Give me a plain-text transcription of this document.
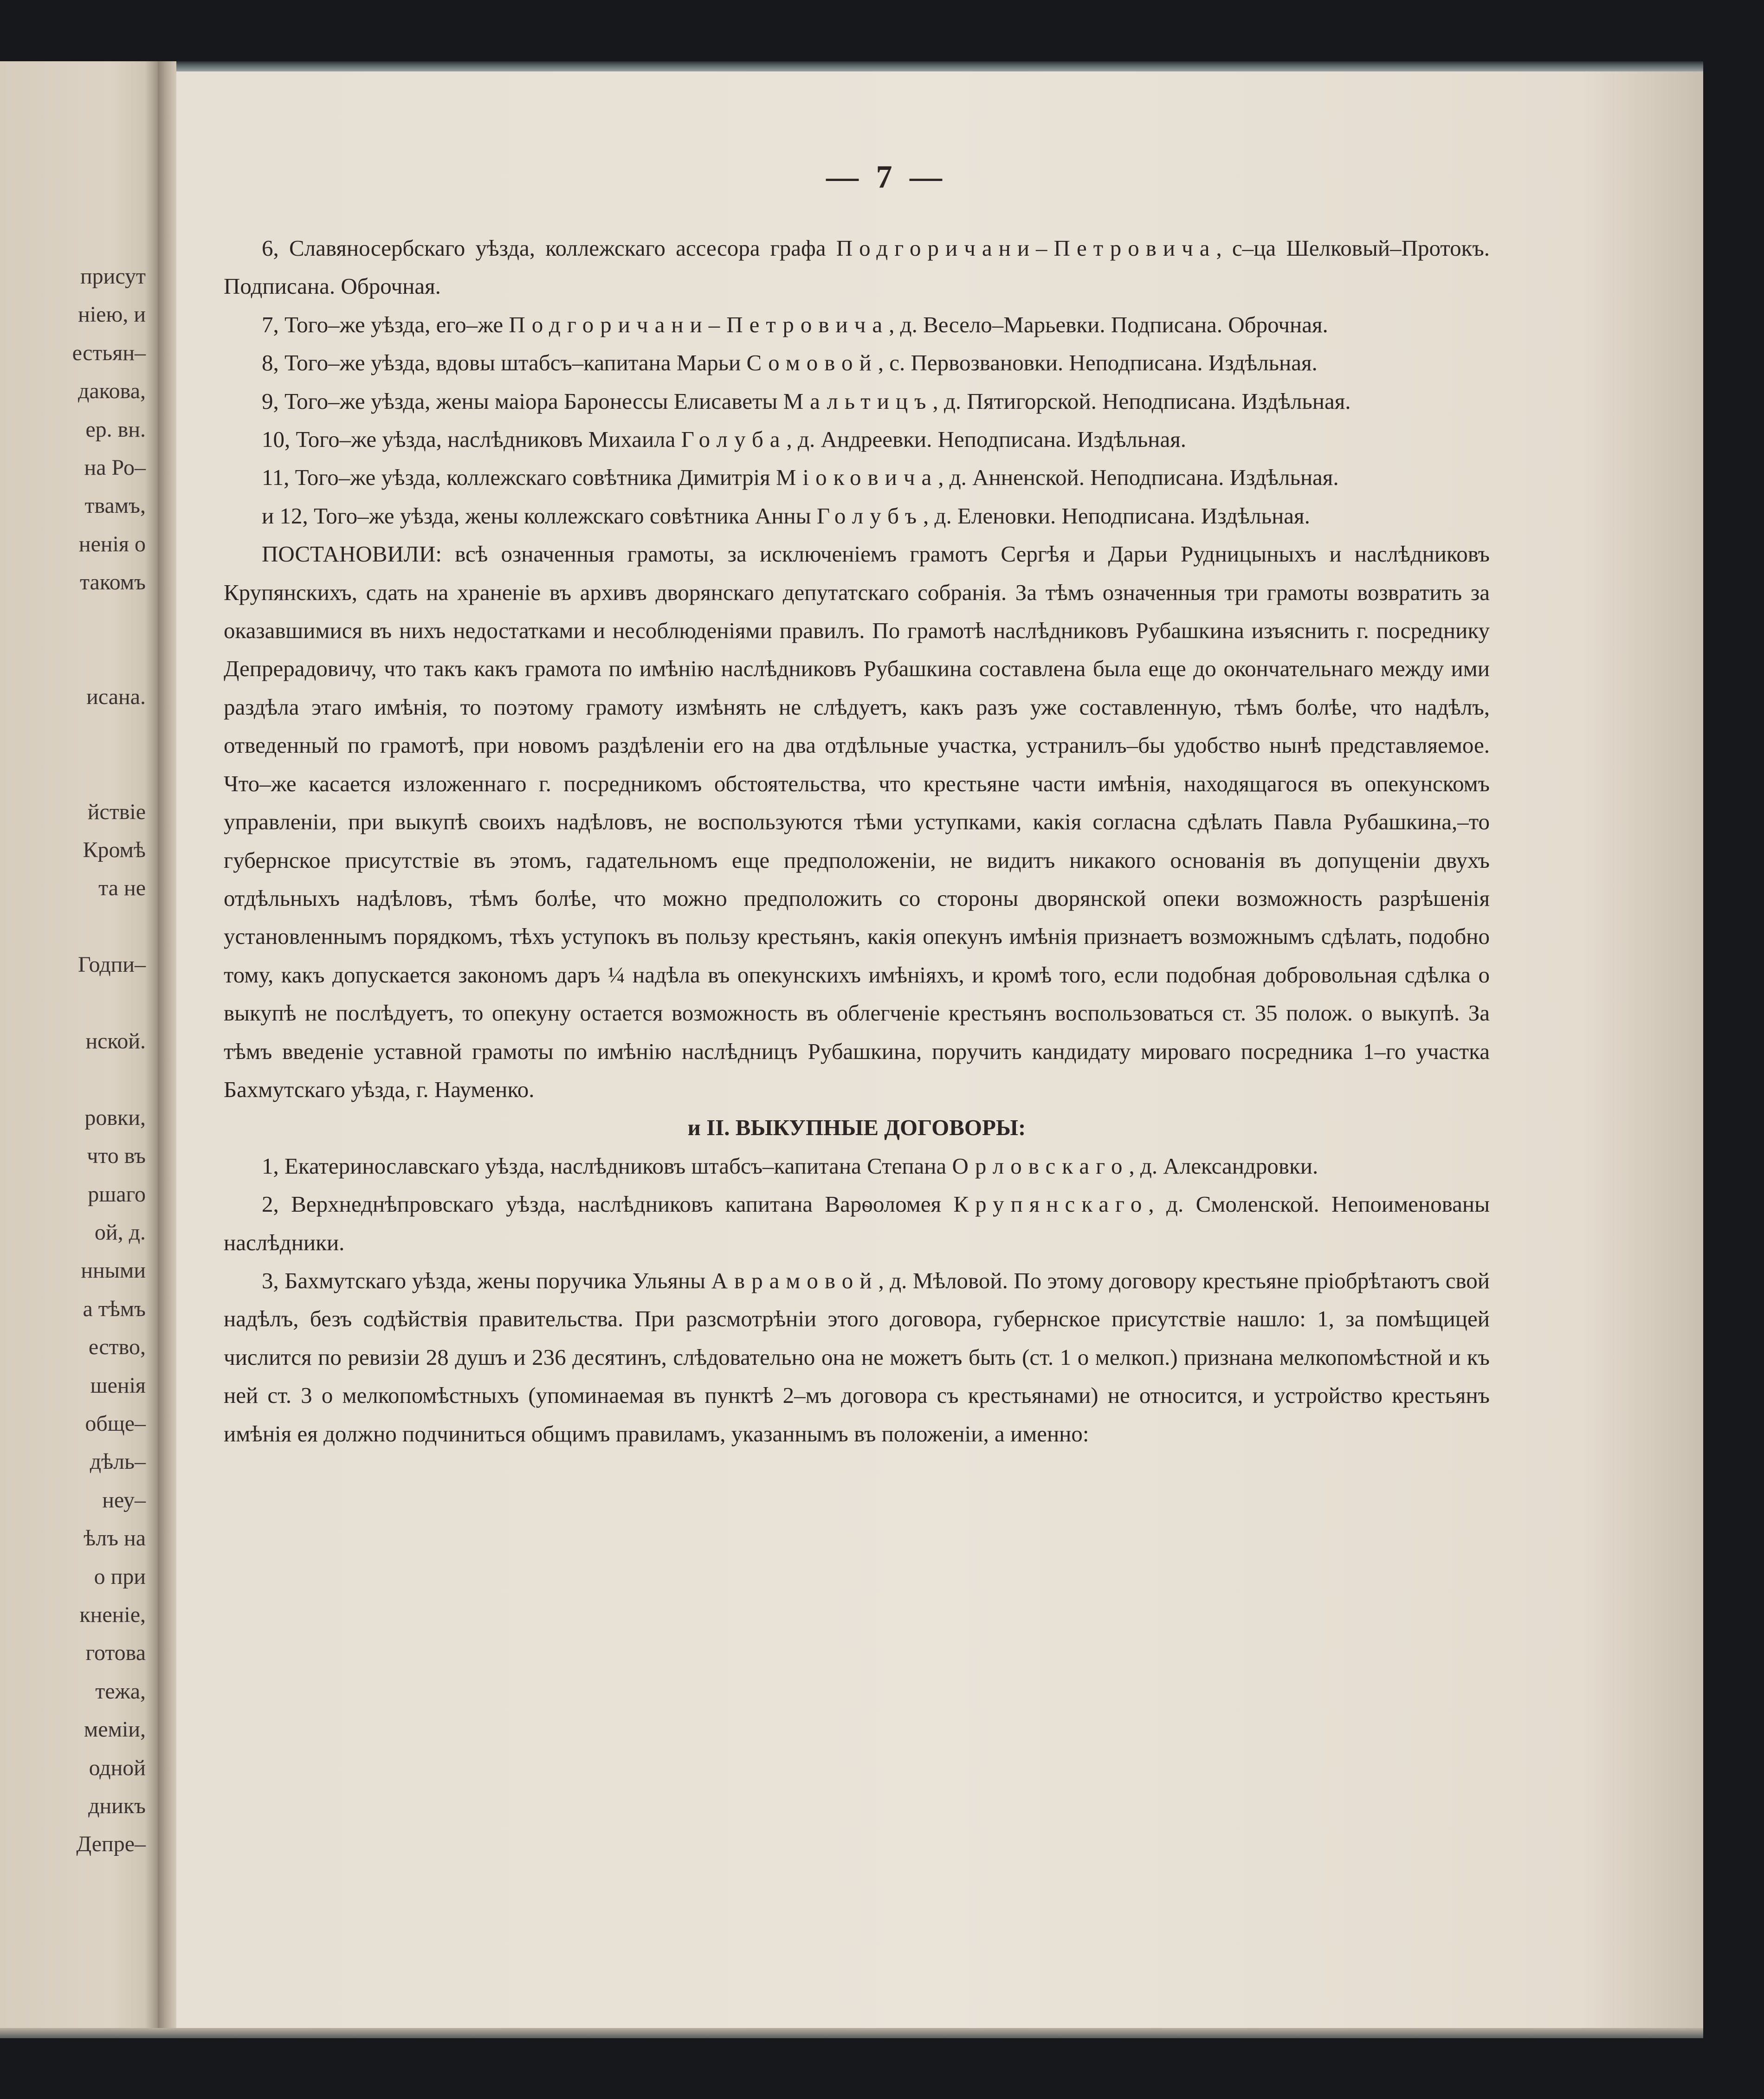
присут
нiею, и
естьян–
дакова,
ер. вн.
на Ро–
твамъ,
ненiя о
такомъ
исана.
йствiе
Кромѣ
та не
Годпи–
нской.
ровки,
что въ
ршаго
ой, д.
нными
а тѣмъ
ество,
шенiя
обще–
дѣль–
неу–
ѣлъ на
о при
кненiе,
готова
тежа,
мемiи,
одной
дникъ
Депре–
— 7 —

6, Славяносербскаго уѣзда, коллежскаго ассесора графа Подгоричани–Петровича, с–ца Шелковый–Протокъ. Подписана. Оброчная.

7, Того–же уѣзда, его–же Подгоричани–Петровича, д. Весело–Марьевки. Подписана. Оброчная.

8, Того–же уѣзда, вдовы штабсъ–капитана Марьи Сомовой, с. Первозвановки. Неподписана. Издѣльная.

9, Того–же уѣзда, жены маiора Баронессы Елисаветы Мальтицъ, д. Пятигорской. Неподписана. Издѣльная.

10, Того–же уѣзда, наслѣдниковъ Михаила Голуба, д. Андреевки. Неподписана. Издѣльная.

11, Того–же уѣзда, коллежскаго совѣтника Димитрiя Мiоковича, д. Анненской. Неподписана. Издѣльная.

и 12, Того–же уѣзда, жены коллежскаго совѣтника Анны Голубъ, д. Еленовки. Неподписана. Издѣльная.

ПОСТАНОВИЛИ: всѣ означенныя грамоты, за исключенiемъ грамотъ Сергѣя и Дарьи Рудницыныхъ и наслѣдниковъ Крупянскихъ, сдать на храненiе въ архивъ дворянскаго депутатскаго собранiя. За тѣмъ означенныя три грамоты возвратить за оказавшимися въ нихъ недостатками и несоблюденiями правилъ. По грамотѣ наслѣдниковъ Рубашкина изъяснить г. посреднику Депрерадовичу, что такъ какъ грамота по имѣнiю наслѣдниковъ Рубашкина составлена была еще до окончательнаго между ими раздѣла этаго имѣнiя, то поэтому грамоту измѣнять не слѣдуетъ, какъ разъ уже составленную, тѣмъ болѣе, что надѣлъ, отведенный по грамотѣ, при новомъ раздѣленiи его на два отдѣльные участка, устранилъ–бы удобство нынѣ представляемое. Что–же касается изложеннаго г. посредникомъ обстоятельства, что крестьяне части имѣнiя, находящагося въ опекунскомъ управленiи, при выкупѣ своихъ надѣловъ, не воспользуются тѣми уступками, какiя согласна сдѣлать Павла Рубашкина,–то губернское присутствiе въ этомъ, гадательномъ еще предположенiи, не видитъ никакого основанiя въ допущенiи двухъ отдѣльныхъ надѣловъ, тѣмъ болѣе, что можно предположить со стороны дворянской опеки возможность разрѣшенiя установленнымъ порядкомъ, тѣхъ уступокъ въ пользу крестьянъ, какiя опекунъ имѣнiя признаетъ возможнымъ сдѣлать, подобно тому, какъ допускается закономъ даръ ¼ надѣла въ опекунскихъ имѣнiяхъ, и кромѣ того, если подобная добровольная сдѣлка о выкупѣ не послѣдуетъ, то опекуну остается возможность въ облегченiе крестьянъ воспользоваться ст. 35 полож. о выкупѣ. За тѣмъ введенiе уставной грамоты по имѣнiю наслѣдницъ Рубашкина, поручить кандидату мироваго посредника 1–го участка Бахмутскаго уѣзда, г. Науменко.

и II. ВЫКУПНЫЕ ДОГОВОРЫ:

1, Екатеринославскаго уѣзда, наслѣдниковъ штабсъ–капитана Степана Орловскаго, д. Александровки.

2, Верхнеднѣпровскаго уѣзда, наслѣдниковъ капитана Варѳоломея Крупянскаго, д. Смоленской. Непоименованы наслѣдники.

3, Бахмутскаго уѣзда, жены поручика Ульяны Аврамовой, д. Мѣловой. По этому договору крестьяне прiобрѣтаютъ свой надѣлъ, безъ содѣйствiя правительства. При разсмотрѣнiи этого договора, губернское присутствiе нашло: 1, за помѣщицей числится по ревизiи 28 душъ и 236 десятинъ, слѣдовательно она не можетъ быть (ст. 1 о мелкоп.) признана мелкопомѣстной и къ ней ст. 3 о мелкопомѣстныхъ (упоминаемая въ пунктѣ 2–мъ договора съ крестьянами) не относится, и устройство крестьянъ имѣнiя ея должно подчиниться общимъ правиламъ, указаннымъ въ положенiи, а именно:
